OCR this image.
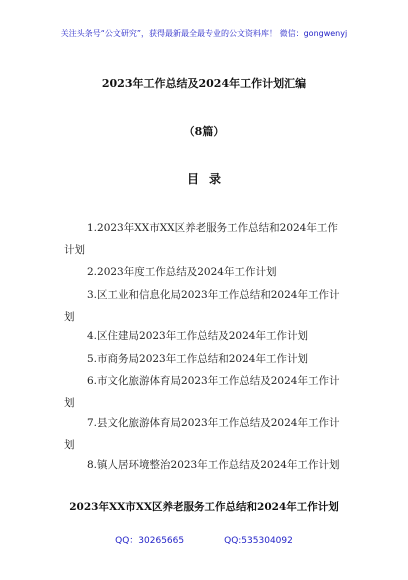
关注头条号“公文研究”，获得最新最全最专业的公文资料库！ 微信：gongwenyj
2023年工作总结及2024年工作计划汇编
（8篇）
目录
1.2023年XX市XX区养老服务工作总结和2024年工作
计划
2.2023年度工作总结及2024年工作计划
3.区工业和信息化局2023年工作总结和2024年工作计
划
4.区住建局2023年工作总结及2024年工作计划
5.市商务局2023年工作总结和2024年工作计划
6.市文化旅游体育局2023年工作总结及2024年工作计
划
7.县文化旅游体育局2023年工作总结及2024年工作计
划
8.镇人居环境整治2023年工作总结及2024年工作计划
2023年XX市XX区养老服务工作总结和2024年工作计划
QQ：30265665	QQ:535304092
